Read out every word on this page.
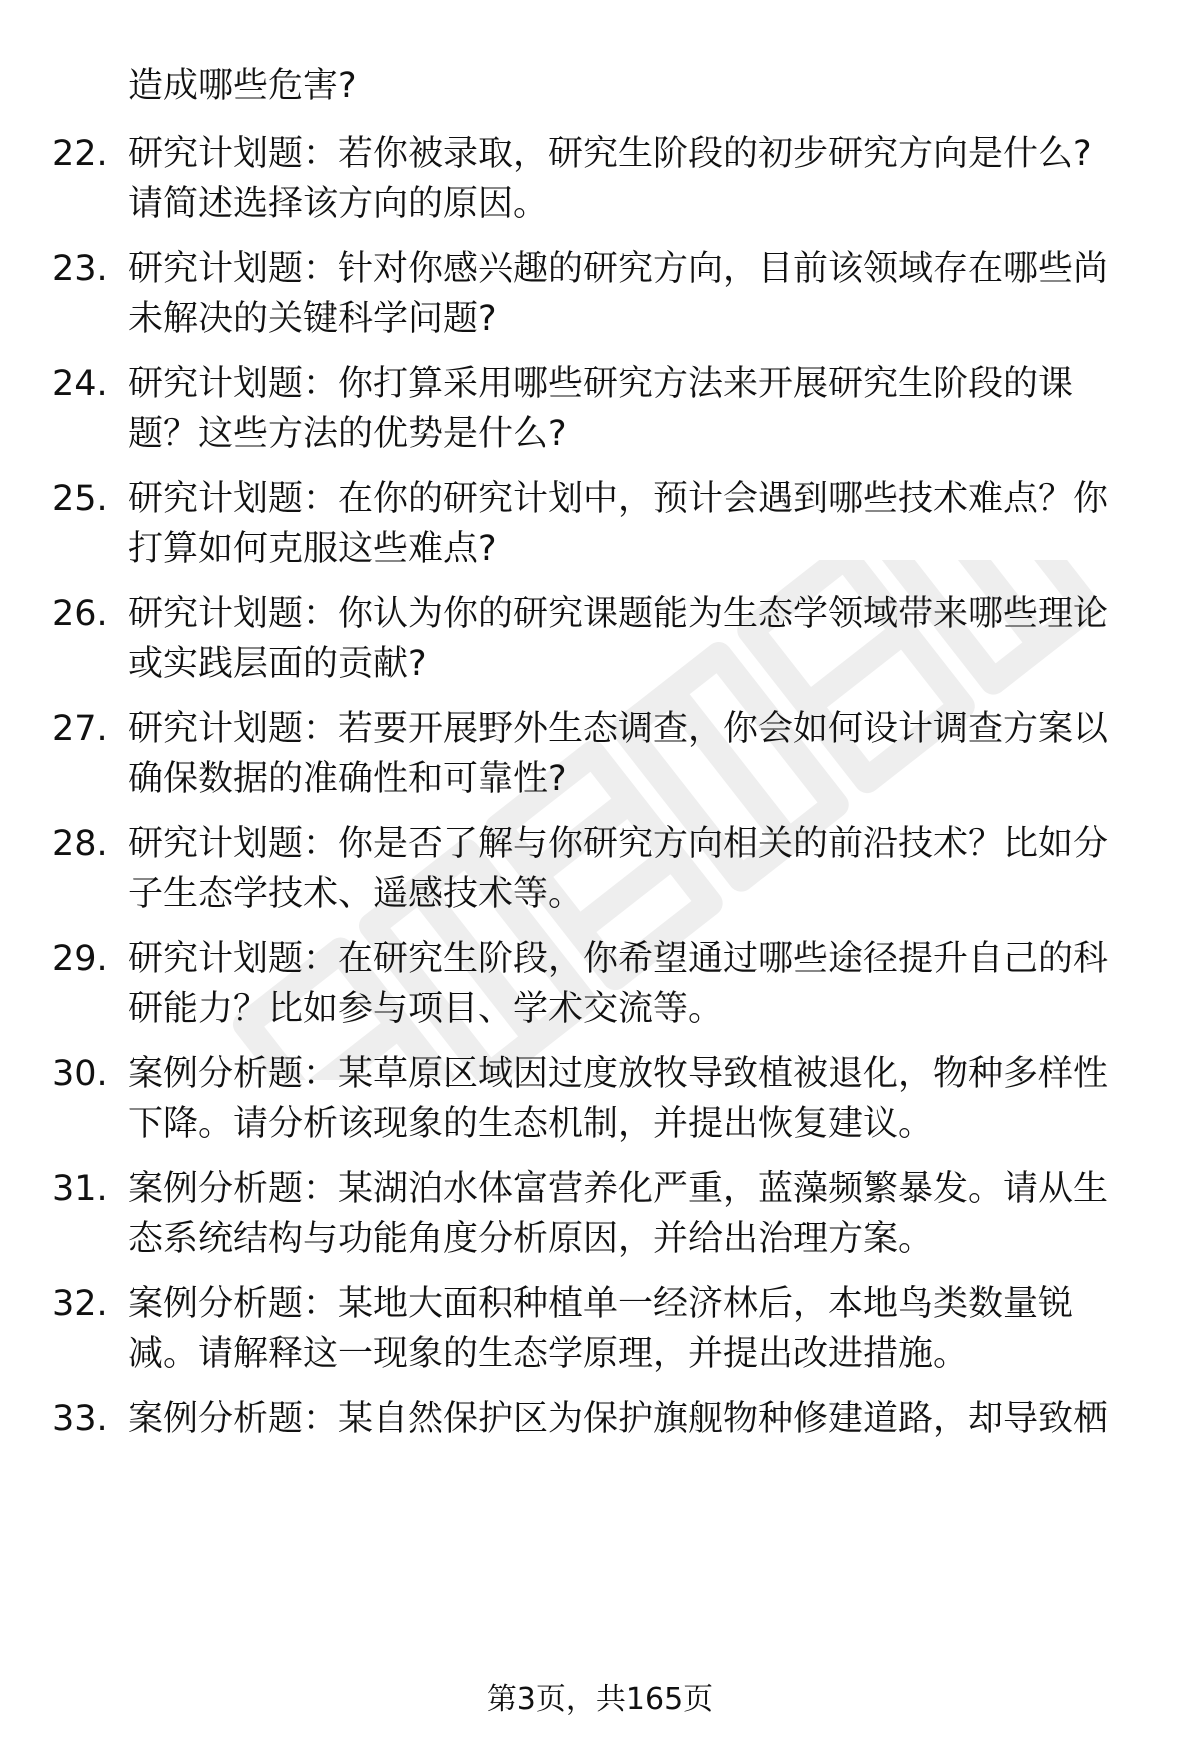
造成哪些危害?
22. 研究计划题：若你被录取，研究生阶段的初步研究方向是什么?
请简述选择该方向的原因。
23. 研究计划题：针对你感兴趣的研究方向，目前该领域存在哪些尚
未解决的关键科学问题?
24. 研究计划题：你打算采用哪些研究方法来开展研究生阶段的课
题？这些方法的优势是什么?
25. 研究计划题：在你的研究计划中，预计会遇到哪些技术难点？你
打算如何克服这些难点?
26. 研究计划题：你认为你的研究课题能为生态学领域带来哪些理论
或实践层面的贡献?
27. 研究计划题：若要开展野外生态调查，你会如何设计调查方案以
确保数据的准确性和可靠性?
28. 研究计划题：你是否了解与你研究方向相关的前沿技术？比如分
子生态学技术、遥感技术等。
29. 研究计划题：在研究生阶段，你希望通过哪些途径提升自己的科
研能力？比如参与项目、学术交流等。
30. 案例分析题：某草原区域因过度放牧导致植被退化，物种多样性
下降。请分析该现象的生态机制，并提出恢复建议。
31. 案例分析题：某湖泊水体富营养化严重，蓝藻频繁暴发。请从生
态系统结构与功能角度分析原因，并给出治理方案。
32. 案例分析题：某地大面积种植单一经济林后，本地鸟类数量锐
减。请解释这一现象的生态学原理，并提出改进措施。
33. 案例分析题：某自然保护区为保护旗舰物种修建道路，却导致栖
第3页，共165页
